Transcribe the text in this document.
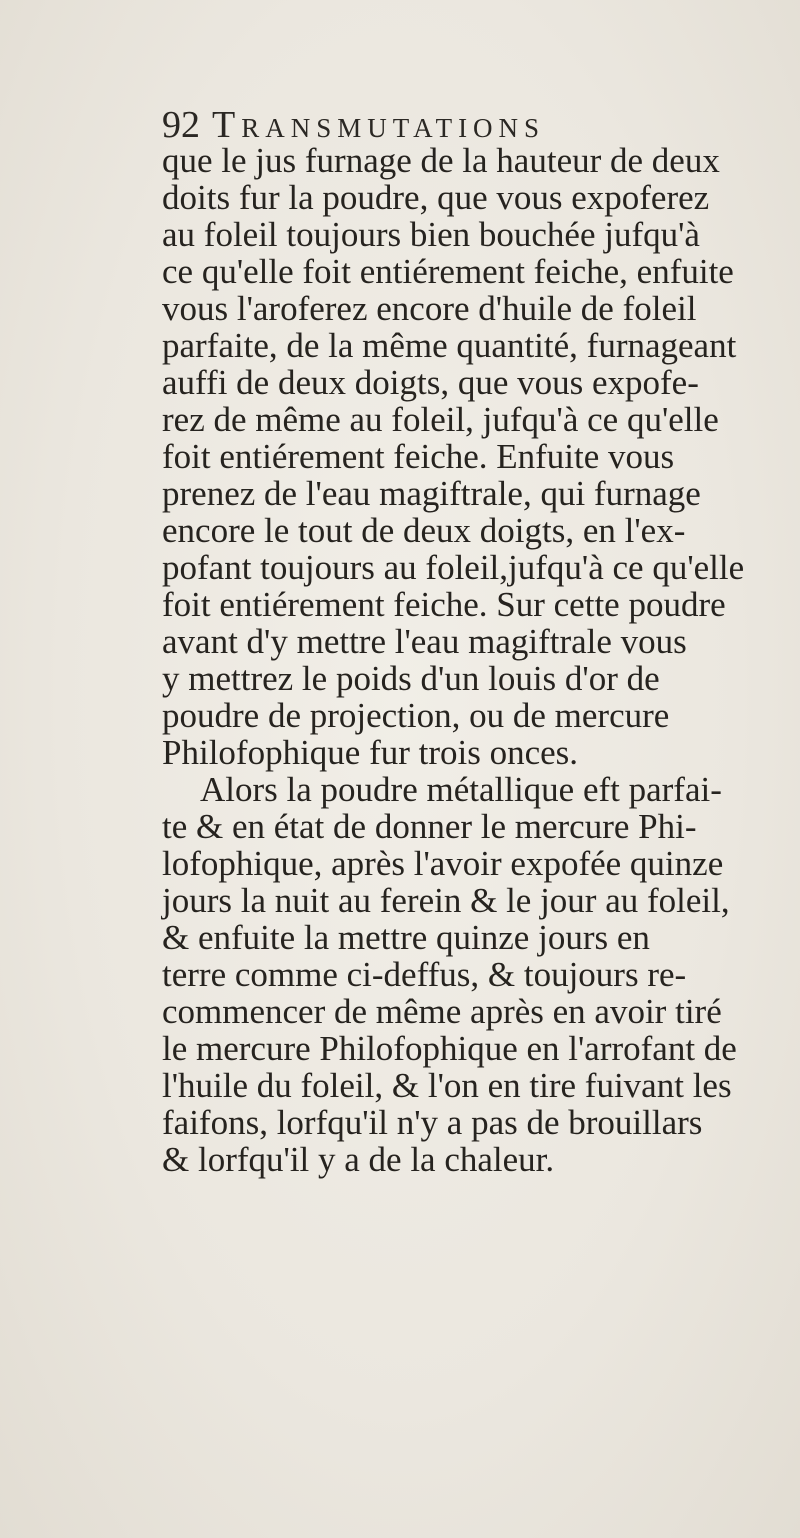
92 Transmutations
que le jus furnage de la hauteur de deux
doits fur la poudre, que vous expoferez
au foleil toujours bien bouchée jufqu'à
ce qu'elle foit entiérement feiche, enfuite
vous l'aroferez encore d'huile de foleil
parfaite, de la même quantité, furnageant
auffi de deux doigts, que vous expofe-
rez de même au foleil, jufqu'à ce qu'elle
foit entiérement feiche. Enfuite vous
prenez de l'eau magiftrale, qui furnage
encore le tout de deux doigts, en l'ex-
pofant toujours au foleil,jufqu'à ce qu'elle
foit entiérement feiche. Sur cette poudre
avant d'y mettre l'eau magiftrale vous
y mettrez le poids d'un louis d'or de
poudre de projection, ou de mercure
Philofophique fur trois onces.
Alors la poudre métallique eft parfai-
te & en état de donner le mercure Phi-
lofophique, après l'avoir expofée quinze
jours la nuit au ferein & le jour au foleil,
& enfuite la mettre quinze jours en
terre comme ci-deffus, & toujours re-
commencer de même après en avoir tiré
le mercure Philofophique en l'arrofant de
l'huile du foleil, & l'on en tire fuivant les
faifons, lorfqu'il n'y a pas de brouillars
& lorfqu'il y a de la chaleur.
